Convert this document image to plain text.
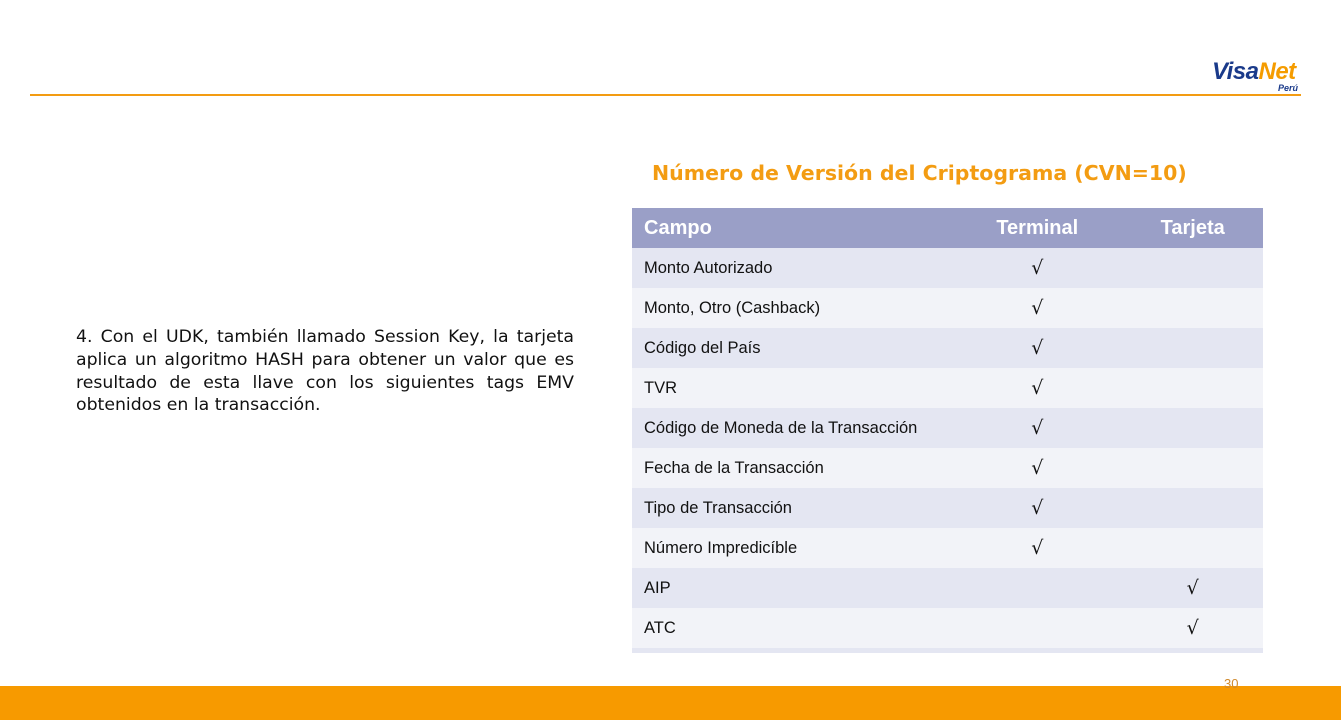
VisaNet
Perú
4. Con el UDK, también llamado Session Key, la tarjeta aplica un algoritmo HASH para obtener un valor que es resultado de esta llave con los siguientes tags EMV obtenidos en la transacción.
Número de Versión del Criptograma (CVN=10)
Campo	Terminal	Tarjeta
Monto Autorizado	√	
Monto, Otro (Cashback)	√	
Código del País	√	
TVR	√	
Código de Moneda de la Transacción	√	
Fecha de la Transacción	√	
Tipo de Transacción	√	
Número Impredicíble	√	
AIP		√
ATC		√
30
